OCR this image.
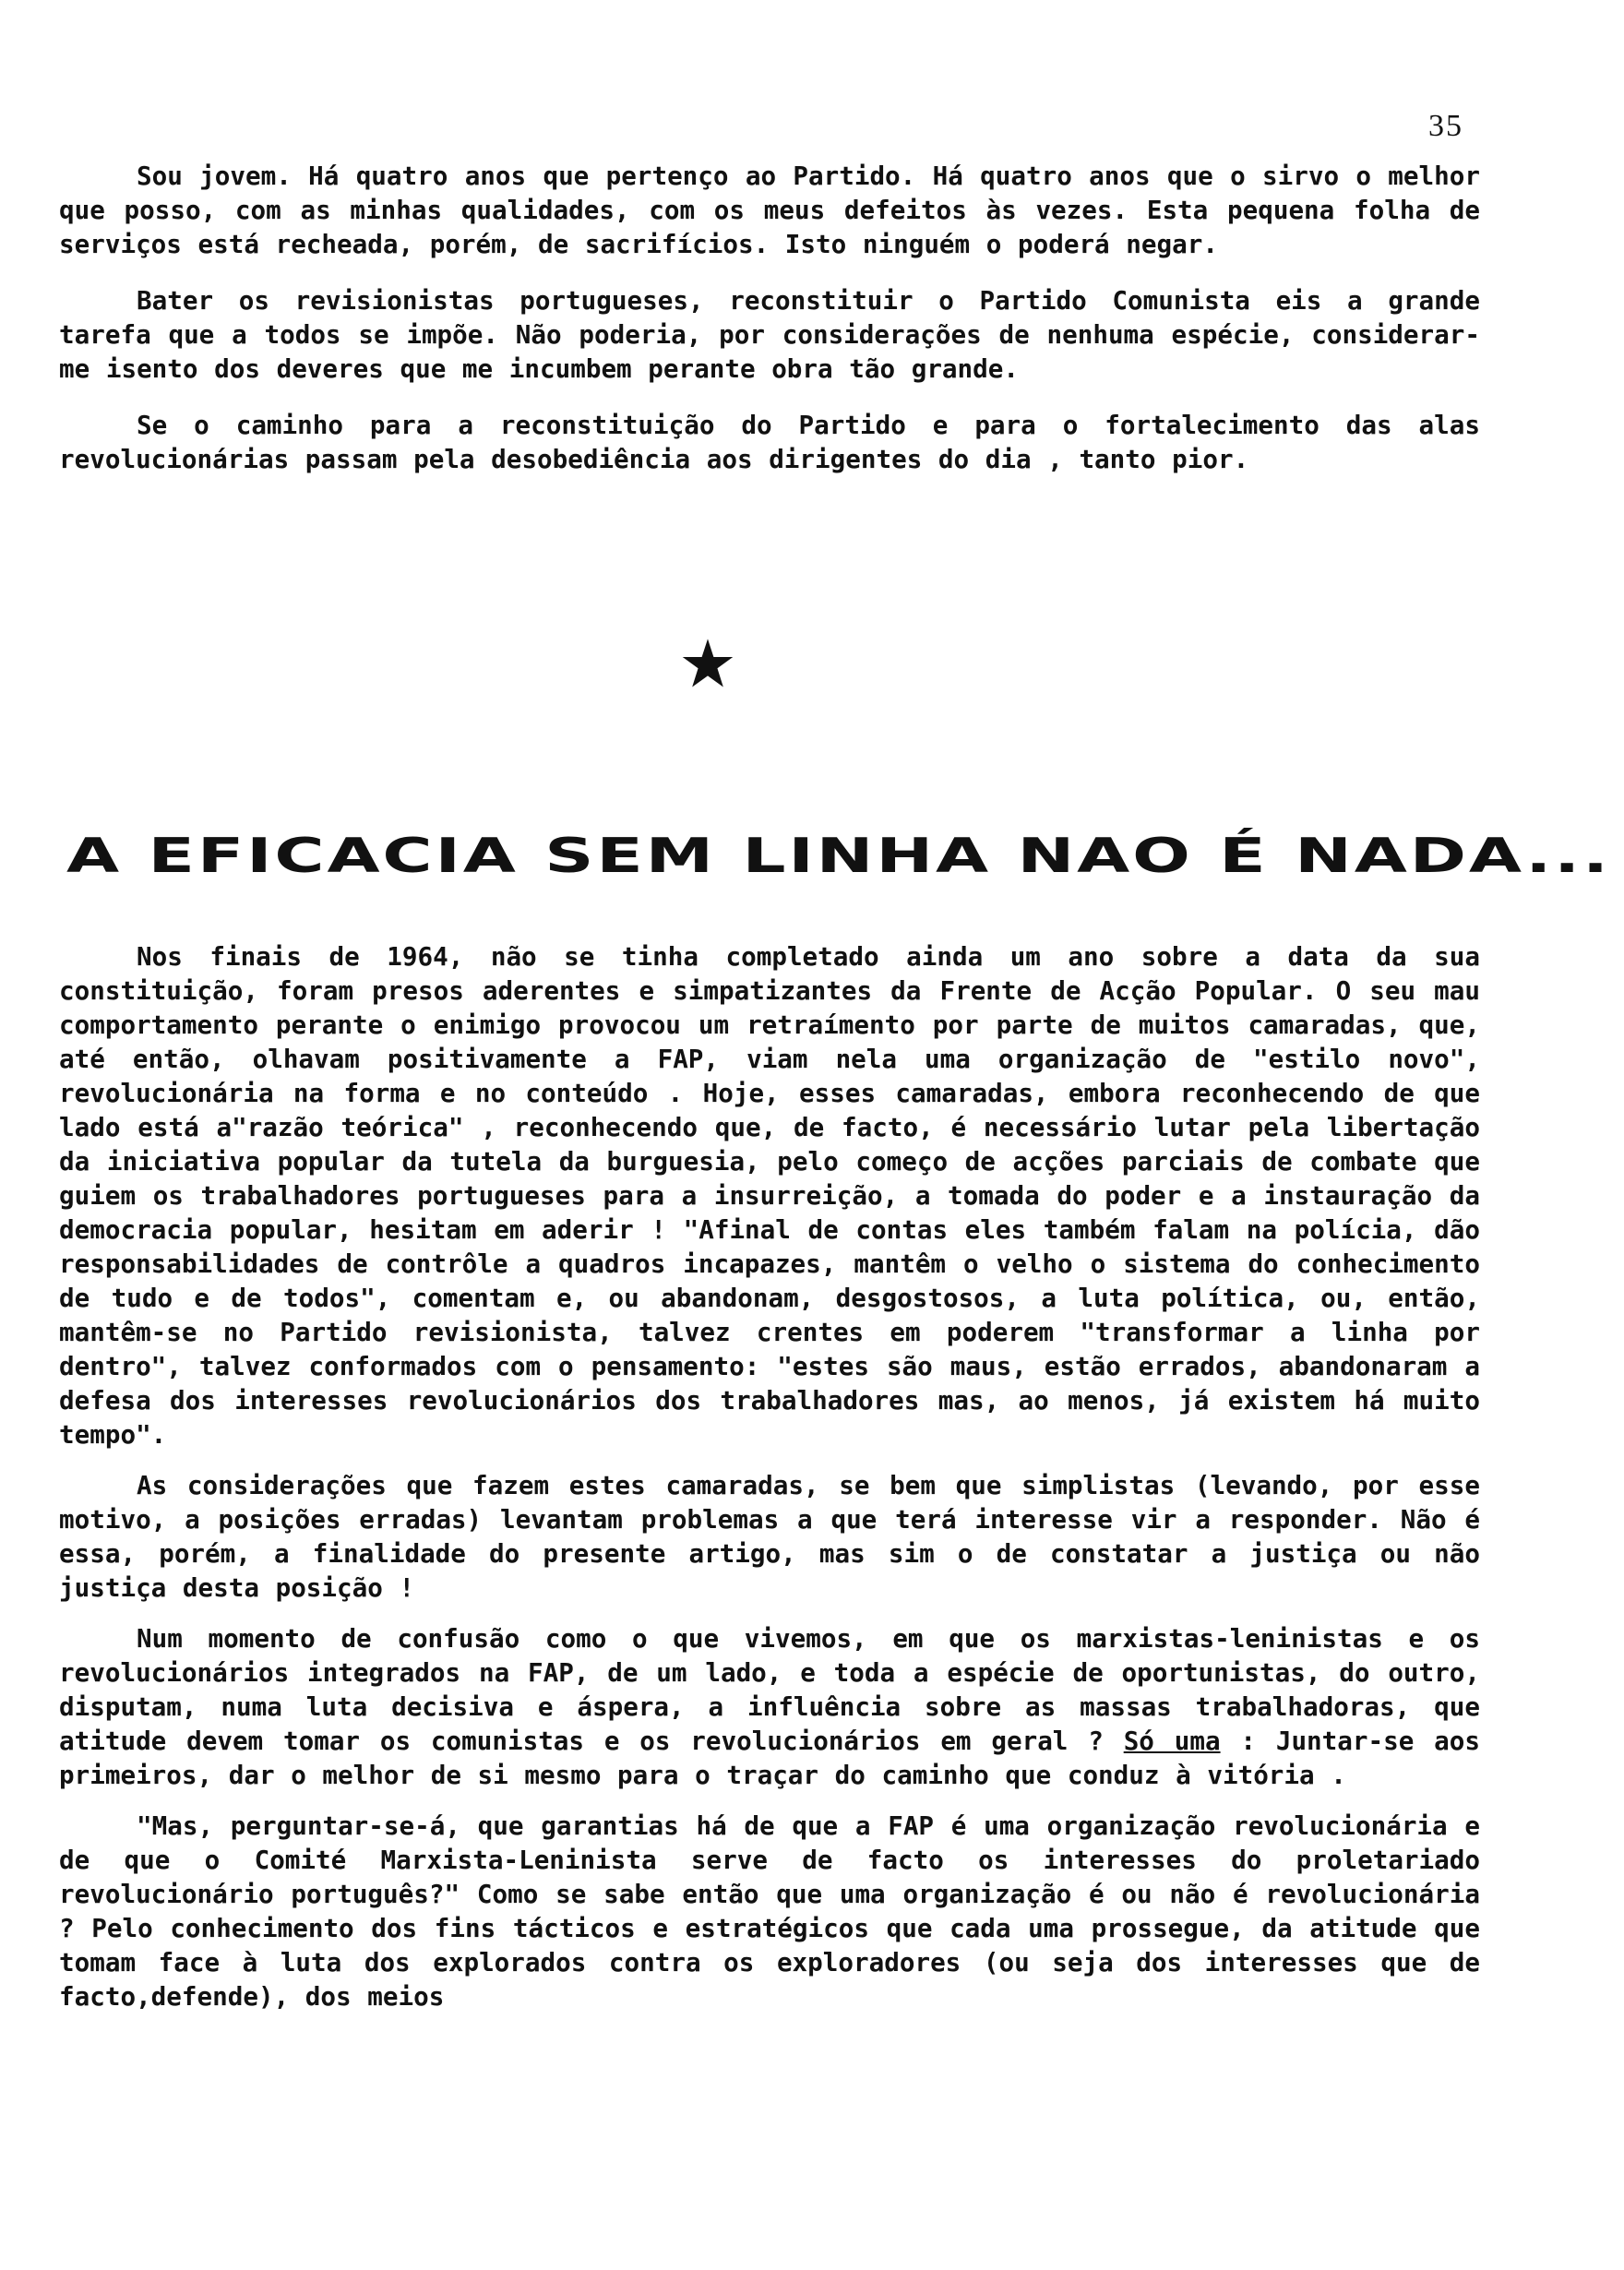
35

Sou jovem. Há quatro anos que pertenço ao Partido. Há quatro anos que o sirvo o melhor que posso, com as minhas qualidades, com os meus defeitos às vezes. Esta pequena folha de serviços está recheada, porém, de sacrifícios. Isto ninguém o poderá negar.

Bater os revisionistas portugueses, reconstituir o Partido Comunista eis a grande tarefa que a todos se impõe. Não poderia, por considerações de nenhuma espécie, considerar-me isento dos deveres que me incumbem perante obra tão grande.

Se o caminho para a reconstituição do Partido e para o fortalecimento das alas revolucionárias passam pela desobediência aos dirigentes do dia , tanto pior.

A EFICACIA SEM LINHA NAO É NADA...

Nos finais de 1964, não se tinha completado ainda um ano sobre a data da sua constituição, foram presos aderentes e simpatizantes da Frente de Acção Popular. O seu mau comportamento perante o enimigo provocou um retraímento por parte de muitos camaradas, que, até então, olhavam positivamente a FAP, viam nela uma organização de "estilo novo", revolucionária na forma e no conteúdo . Hoje, esses camaradas, embora reconhecendo de que lado está a"razão teórica" , reconhecendo que, de facto, é necessário lutar pela libertação da iniciativa popular da tutela da burguesia, pelo começo de acções parciais de combate que guiem os trabalhadores portugueses para a insurreição, a tomada do poder e a instauração da democracia popular, hesitam em aderir ! "Afinal de contas eles também falam na polícia, dão responsabilidades de contrôle a quadros incapazes, mantêm o velho o sistema do conhecimento de tudo e de todos", comentam e, ou abandonam, desgostosos, a luta política, ou, então, mantêm-se no Partido revisionista, talvez crentes em poderem "transformar a linha por dentro", talvez conformados com o pensamento: "estes são maus, estão errados, abandonaram a defesa dos interesses revolucionários dos trabalhadores mas, ao menos, já existem há muito tempo".

As considerações que fazem estes camaradas, se bem que simplistas (levando, por esse motivo, a posições erradas) levantam problemas a que terá interesse vir a responder. Não é essa, porém, a finalidade do presente artigo, mas sim o de constatar a justiça ou não justiça desta posição !

Num momento de confusão como o que vivemos, em que os marxistas-leninistas e os revolucionários integrados na FAP, de um lado, e toda a espécie de oportunistas, do outro, disputam, numa luta decisiva e áspera, a influência sobre as massas trabalhadoras, que atitude devem tomar os comunistas e os revolucionários em geral ? Só uma : Juntar-se aos primeiros, dar o melhor de si mesmo para o traçar do caminho que conduz à vitória .

"Mas, perguntar-se-á, que garantias há de que a FAP é uma organização revolucionária e de que o Comité Marxista-Leninista serve de facto os interesses do proletariado revolucionário português?" Como se sabe então que uma organização é ou não é revolucionária ? Pelo conhecimento dos fins tácticos e estratégicos que cada uma prossegue, da atitude que tomam face à luta dos explorados contra os exploradores (ou seja dos interesses que de facto,defende), dos meios
